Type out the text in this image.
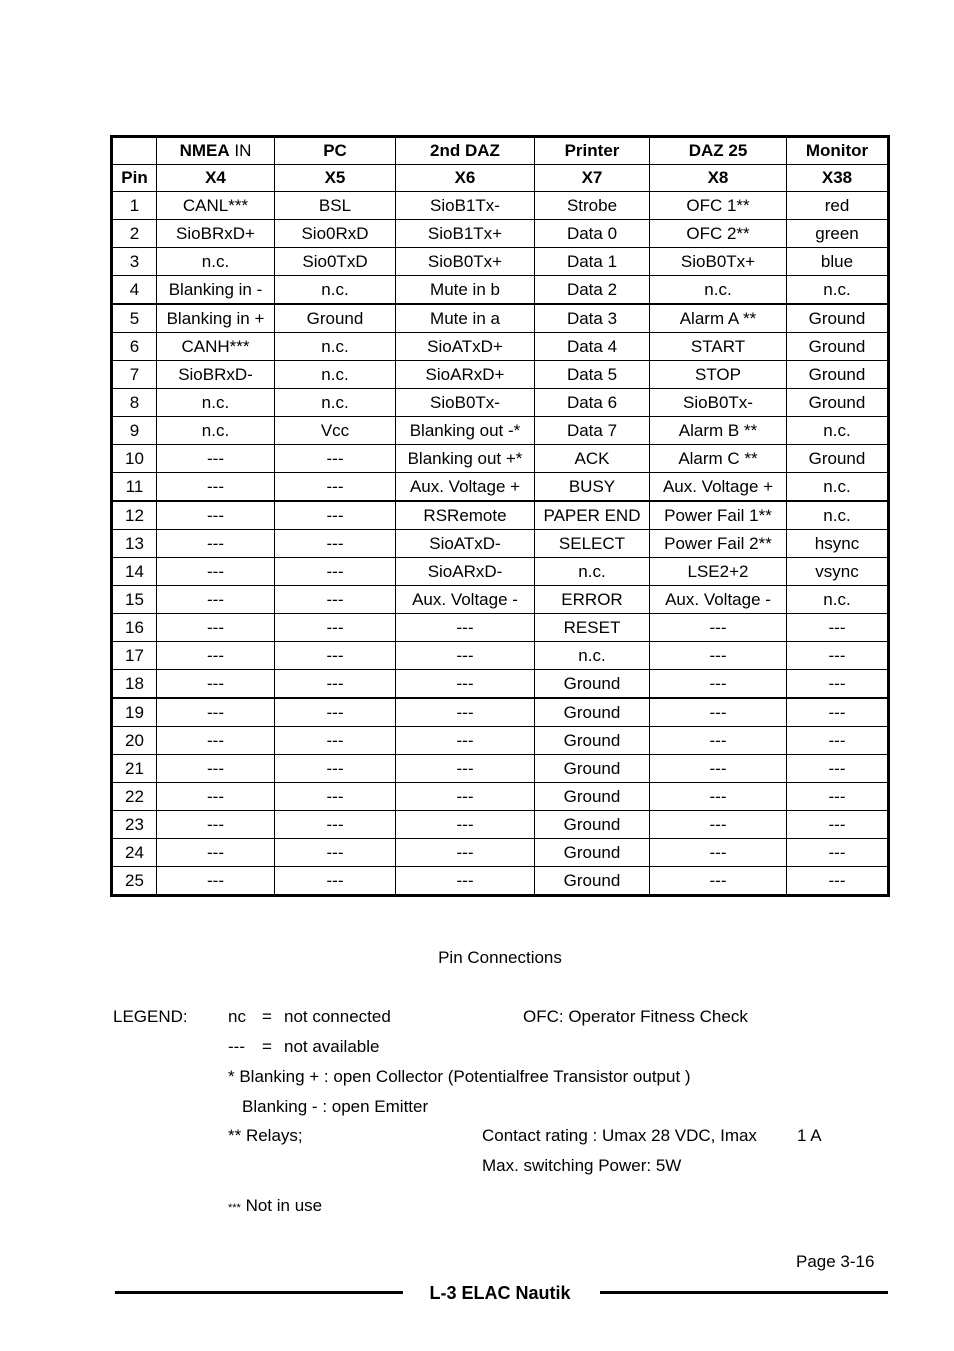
	NMEA IN	PC	2nd DAZ	Printer	DAZ 25	Monitor
Pin	X4	X5	X6	X7	X8	X38
1	CANL***	BSL	SioB1Tx-	Strobe	OFC 1**	red
2	SioBRxD+	Sio0RxD	SioB1Tx+	Data 0	OFC 2**	green
3	n.c.	Sio0TxD	SioB0Tx+	Data 1	SioB0Tx+	blue
4	Blanking in -	n.c.	Mute in b	Data 2	n.c.	n.c.
5	Blanking in +	Ground	Mute in a	Data 3	Alarm A **	Ground
6	CANH***	n.c.	SioATxD+	Data 4	START	Ground
7	SioBRxD-	n.c.	SioARxD+	Data 5	STOP	Ground
8	n.c.	n.c.	SioB0Tx-	Data 6	SioB0Tx-	Ground
9	n.c.	Vcc	Blanking out -*	Data 7	Alarm B **	n.c.
10	---	---	Blanking out +*	ACK	Alarm C **	Ground
11	---	---	Aux. Voltage +	BUSY	Aux. Voltage +	n.c.
12	---	---	RSRemote	PAPER END	Power Fail 1**	n.c.
13	---	---	SioATxD-	SELECT	Power Fail 2**	hsync
14	---	---	SioARxD-	n.c.	LSE2+2	vsync
15	---	---	Aux. Voltage -	ERROR	Aux. Voltage -	n.c.
16	---	---	---	RESET	---	---
17	---	---	---	n.c.	---	---
18	---	---	---	Ground	---	---
19	---	---	---	Ground	---	---
20	---	---	---	Ground	---	---
21	---	---	---	Ground	---	---
22	---	---	---	Ground	---	---
23	---	---	---	Ground	---	---
24	---	---	---	Ground	---	---
25	---	---	---	Ground	---	---
Pin Connections
LEGEND: nc = not connected	OFC: Operator Fitness Check
--- = not available
* Blanking + : open Collector (Potentialfree Transistor output )
Blanking - : open Emitter
** Relays;	Contact rating : Umax 28 VDC, Imax 1 A
Max. switching Power: 5W
*** Not in use
Page 3-16
L-3 ELAC Nautik
